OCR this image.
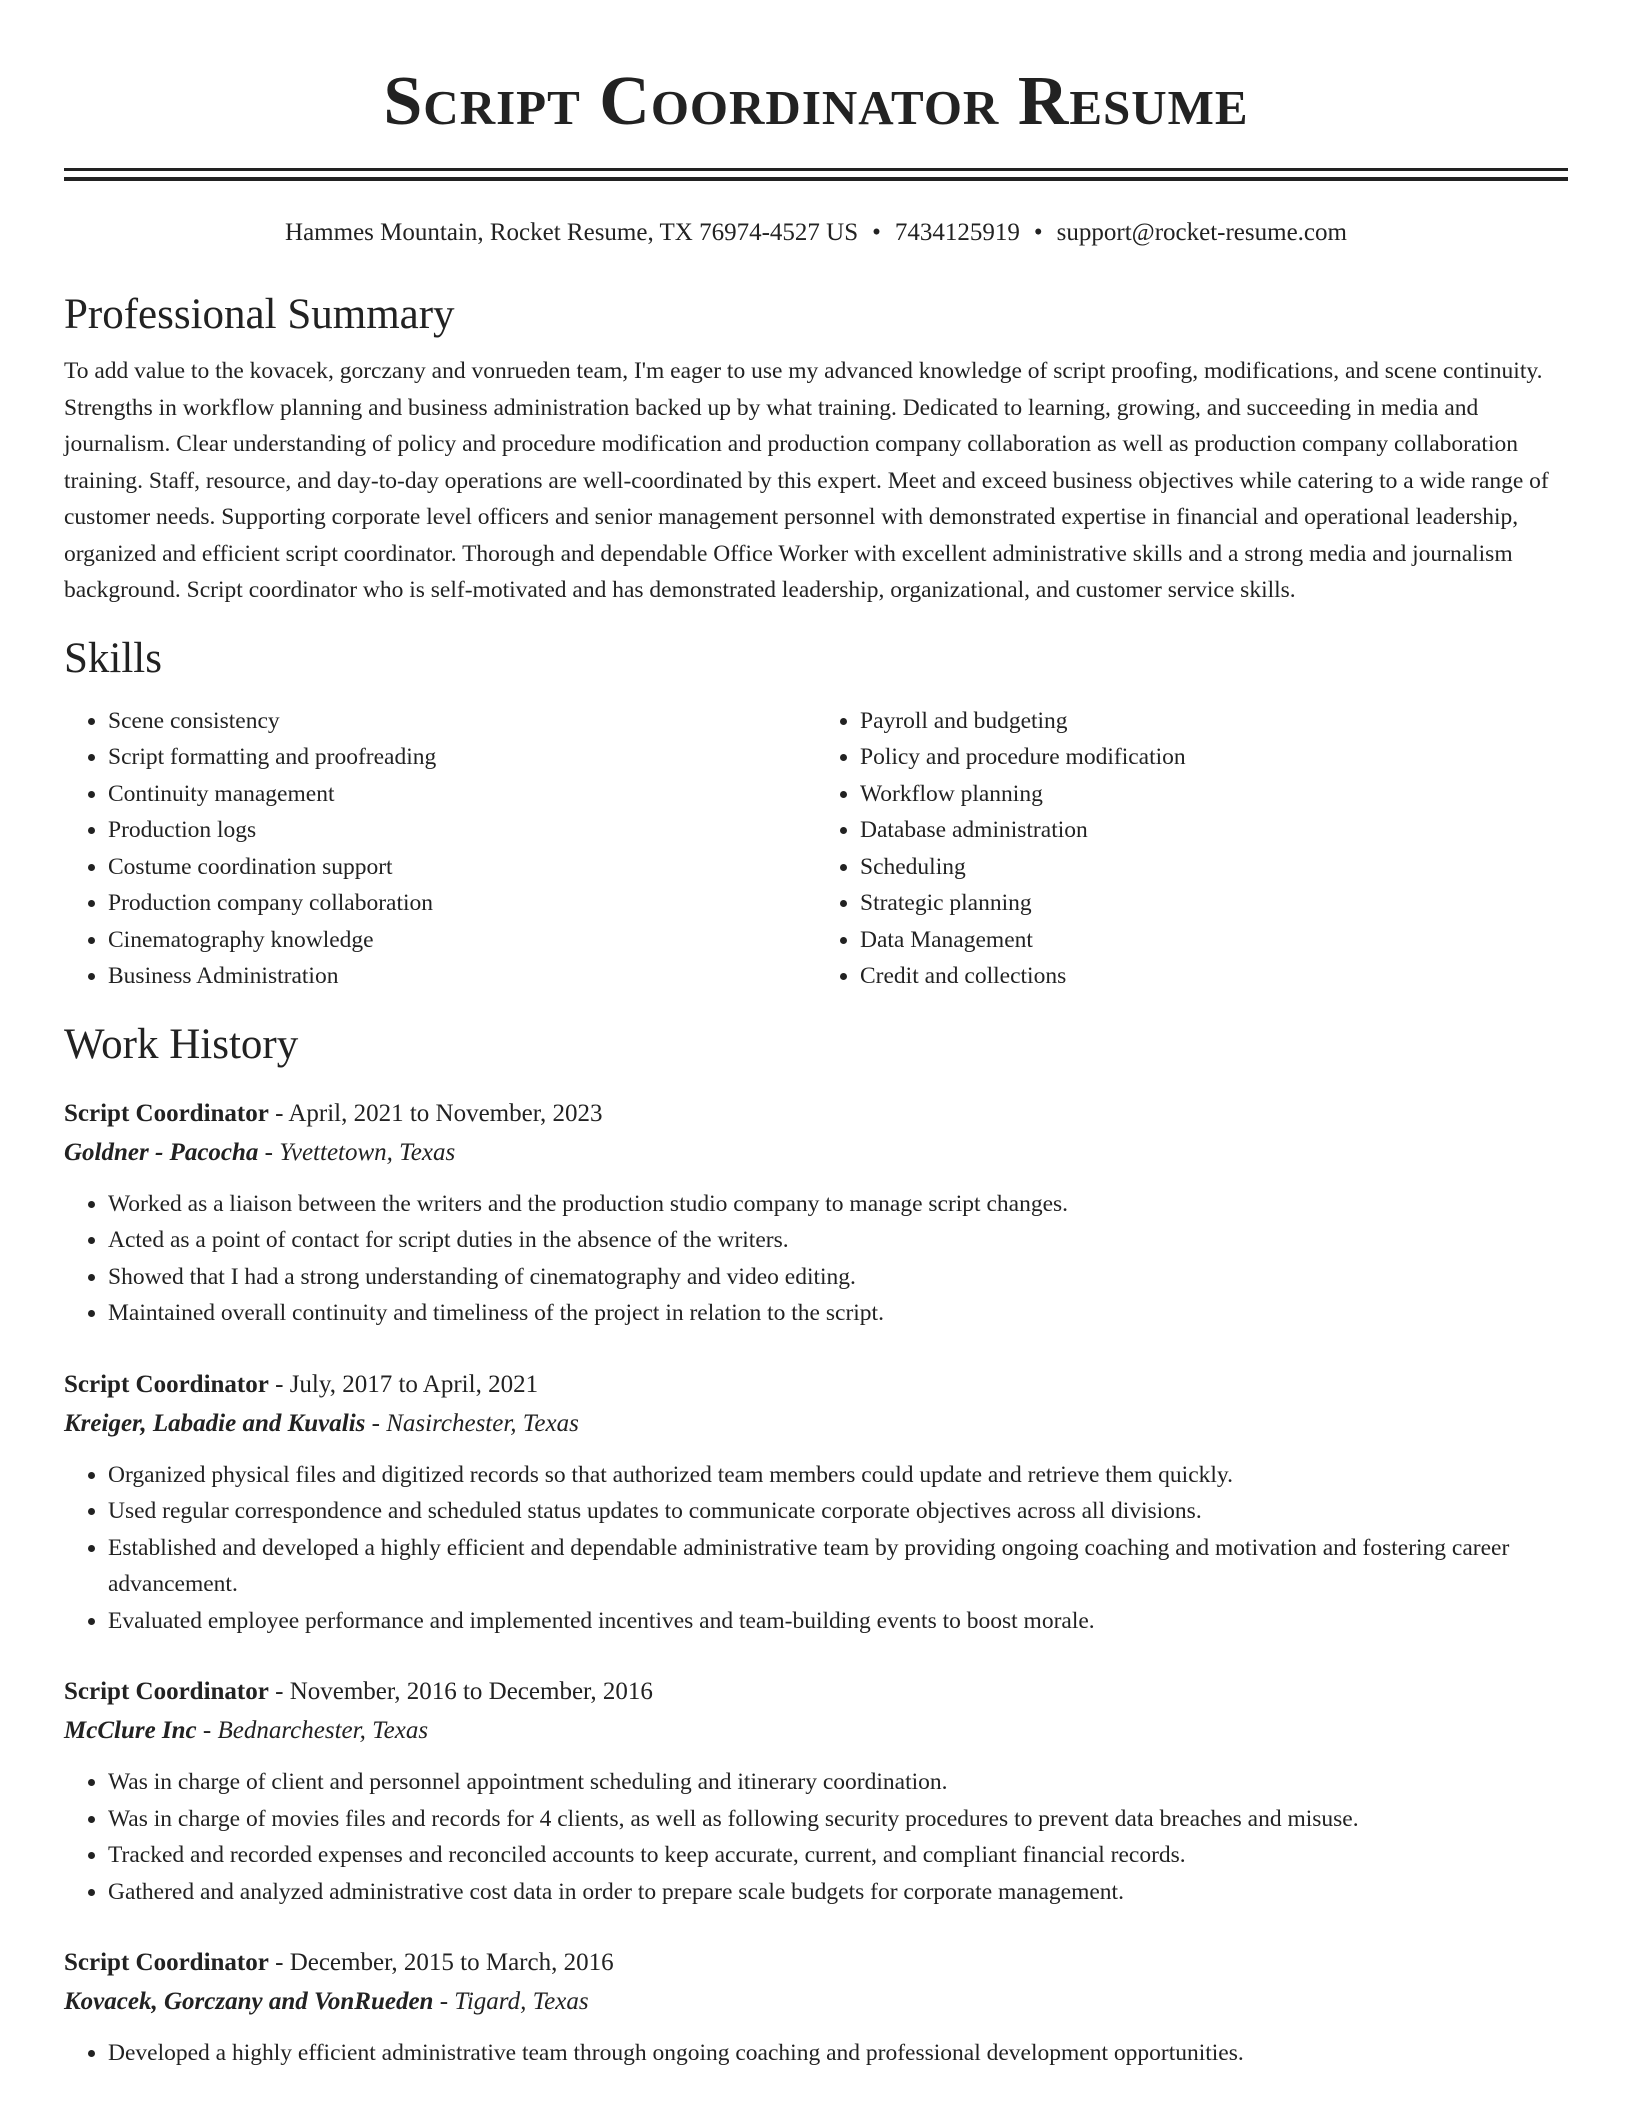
Script Coordinator Resume
Hammes Mountain, Rocket Resume, TX 76974-4527 US • 7434125919 • support@rocket-resume.com
Professional Summary

To add value to the kovacek, gorczany and vonrueden team, I'm eager to use my advanced knowledge of script proofing, modifications, and scene continuity. Strengths in workflow planning and business administration backed up by what training. Dedicated to learning, growing, and succeeding in media and journalism. Clear understanding of policy and procedure modification and production company collaboration as well as production company collaboration training. Staff, resource, and day-to-day operations are well-coordinated by this expert. Meet and exceed business objectives while catering to a wide range of customer needs. Supporting corporate level officers and senior management personnel with demonstrated expertise in financial and operational leadership, organized and efficient script coordinator. Thorough and dependable Office Worker with excellent administrative skills and a strong media and journalism background. Script coordinator who is self-motivated and has demonstrated leadership, organizational, and customer service skills.

Skills
• Scene consistency
• Script formatting and proofreading
• Continuity management
• Production logs
• Costume coordination support
• Production company collaboration
• Cinematography knowledge
• Business Administration
• Payroll and budgeting
• Policy and procedure modification
• Workflow planning
• Database administration
• Scheduling
• Strategic planning
• Data Management
• Credit and collections
Work History
Script Coordinator - April, 2021 to November, 2023
Goldner - Pacocha - Yvettetown, Texas
• Worked as a liaison between the writers and the production studio company to manage script changes.
• Acted as a point of contact for script duties in the absence of the writers.
• Showed that I had a strong understanding of cinematography and video editing.
• Maintained overall continuity and timeliness of the project in relation to the script.
Script Coordinator - July, 2017 to April, 2021
Kreiger, Labadie and Kuvalis - Nasirchester, Texas
• Organized physical files and digitized records so that authorized team members could update and retrieve them quickly.
• Used regular correspondence and scheduled status updates to communicate corporate objectives across all divisions.
• Established and developed a highly efficient and dependable administrative team by providing ongoing coaching and motivation and fostering career advancement.
• Evaluated employee performance and implemented incentives and team-building events to boost morale.
Script Coordinator - November, 2016 to December, 2016
McClure Inc - Bednarchester, Texas
• Was in charge of client and personnel appointment scheduling and itinerary coordination.
• Was in charge of movies files and records for 4 clients, as well as following security procedures to prevent data breaches and misuse.
• Tracked and recorded expenses and reconciled accounts to keep accurate, current, and compliant financial records.
• Gathered and analyzed administrative cost data in order to prepare scale budgets for corporate management.
Script Coordinator - December, 2015 to March, 2016
Kovacek, Gorczany and VonRueden - Tigard, Texas
• Developed a highly efficient administrative team through ongoing coaching and professional development opportunities.
